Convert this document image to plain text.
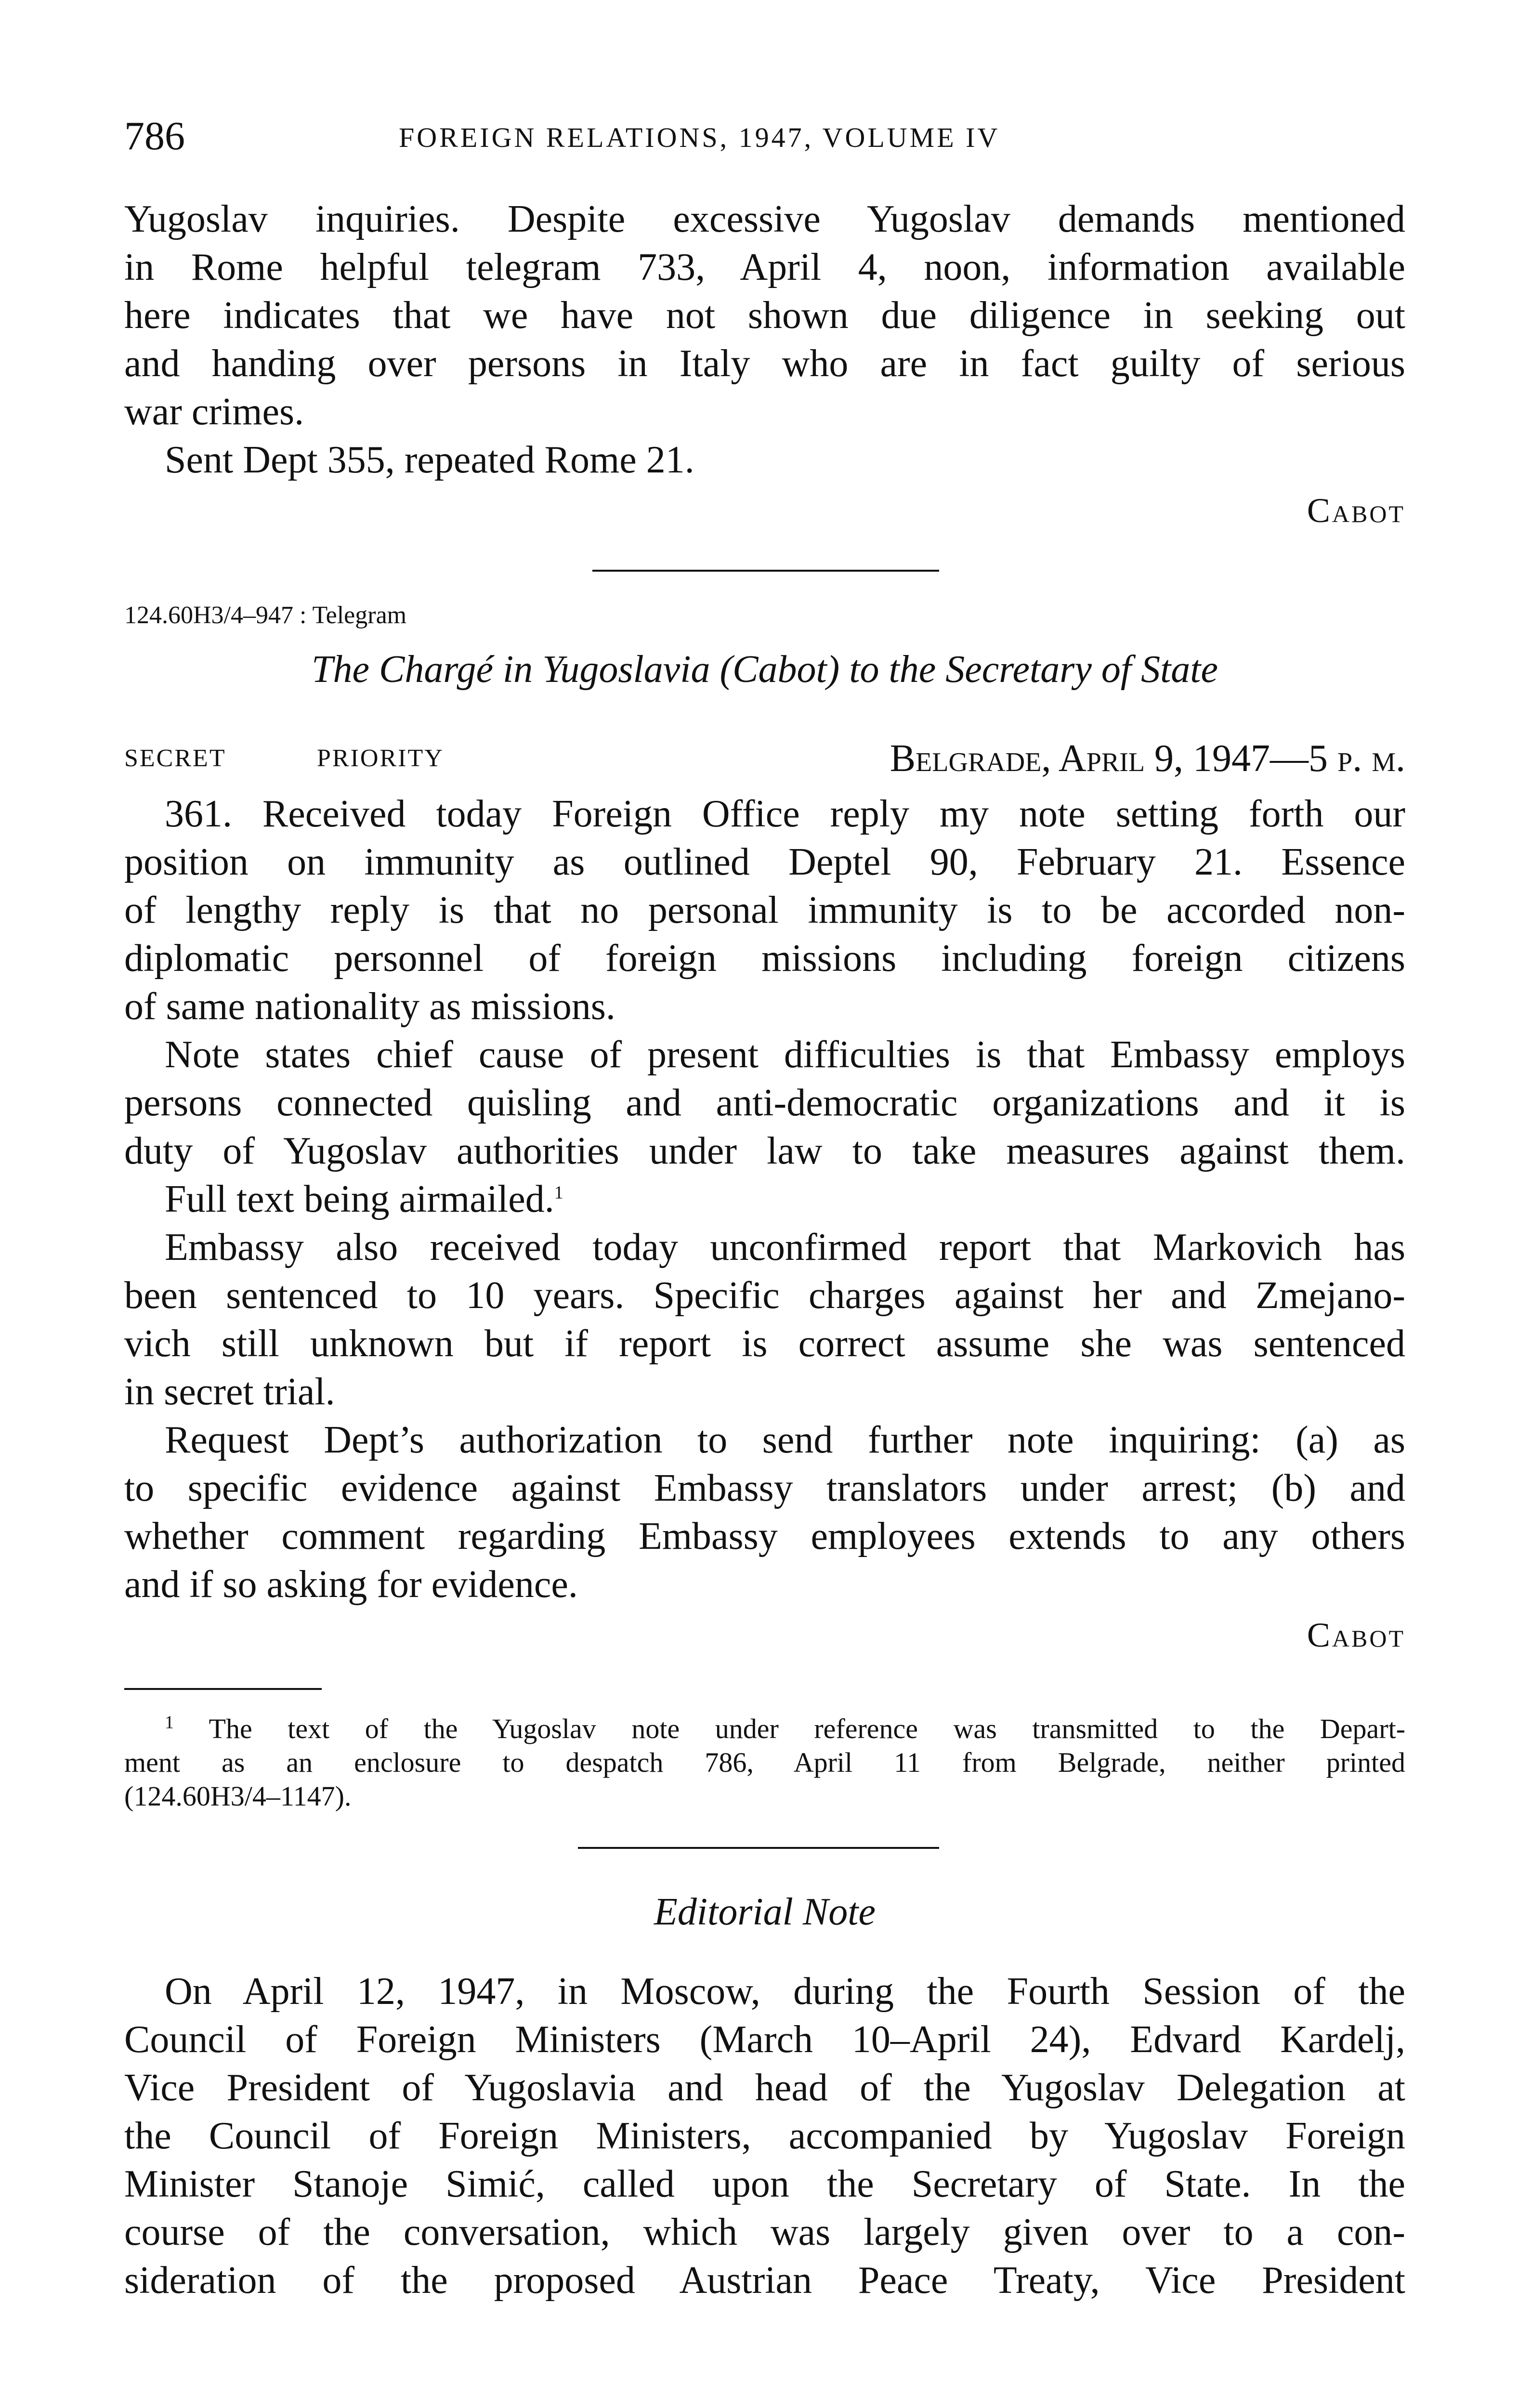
786	FOREIGN RELATIONS, 1947, VOLUME IV
Yugoslav inquiries. Despite excessive Yugoslav demands mentioned
in Rome helpful telegram 733, April 4, noon, information available
here indicates that we have not shown due diligence in seeking out
and handing over persons in Italy who are in fact guilty of serious
war crimes.
Sent Dept 355, repeated Rome 21.
Cabot
124.60H3/4–947 : Telegram
The Chargé in Yugoslavia (Cabot) to the Secretary of State
SECRET	PRIORITY	Belgrade, April 9, 1947—5 p. m.
361. Received today Foreign Office reply my note setting forth our
position on immunity as outlined Deptel 90, February 21. Essence
of lengthy reply is that no personal immunity is to be accorded non-
diplomatic personnel of foreign missions including foreign citizens
of same nationality as missions.
Note states chief cause of present difficulties is that Embassy employs
persons connected quisling and anti-democratic organizations and it is
duty of Yugoslav authorities under law to take measures against them.
Full text being airmailed.$^1$
Embassy also received today unconfirmed report that Markovich has
been sentenced to 10 years. Specific charges against her and Zmejano-
vich still unknown but if report is correct assume she was sentenced
in secret trial.
Request Dept’s authorization to send further note inquiring: (a) as
to specific evidence against Embassy translators under arrest; (b) and
whether comment regarding Embassy employees extends to any others
and if so asking for evidence.
Cabot
$^1$ The text of the Yugoslav note under reference was transmitted to the Depart-
ment as an enclosure to despatch 786, April 11 from Belgrade, neither printed
(124.60H3/4–1147).
Editorial Note
On April 12, 1947, in Moscow, during the Fourth Session of the
Council of Foreign Ministers (March 10–April 24), Edvard Kardelj,
Vice President of Yugoslavia and head of the Yugoslav Delegation at
the Council of Foreign Ministers, accompanied by Yugoslav Foreign
Minister Stanoje Simić, called upon the Secretary of State. In the
course of the conversation, which was largely given over to a con-
sideration of the proposed Austrian Peace Treaty, Vice President
